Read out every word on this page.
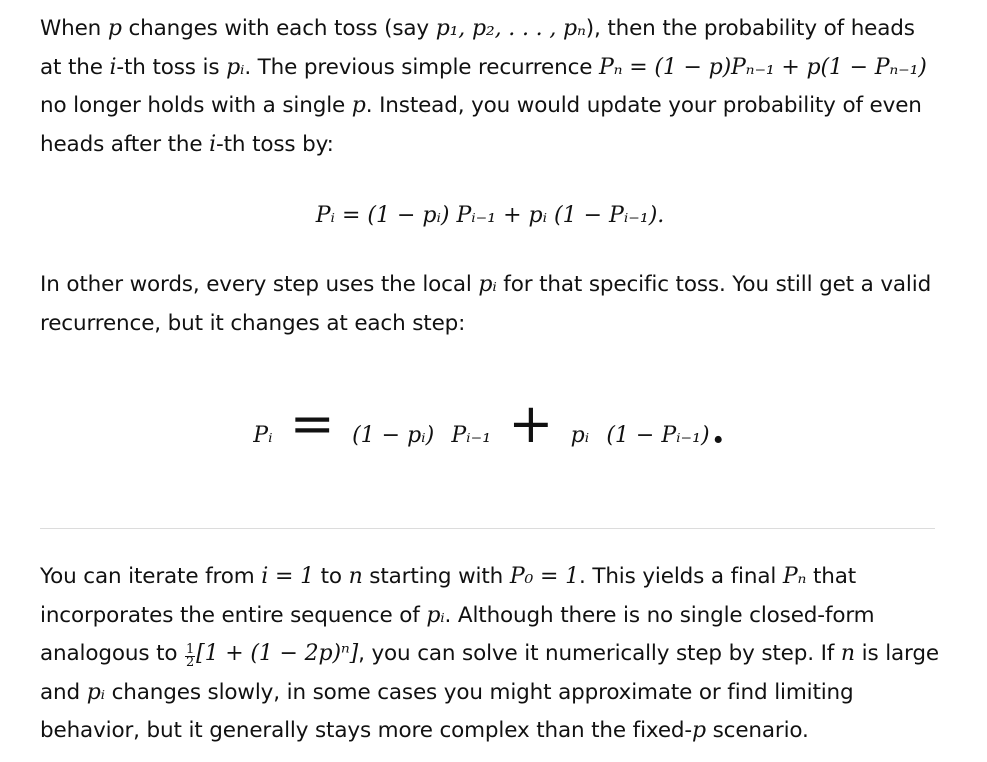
When p changes with each toss (say p₁, p₂, . . . , pₙ), then the probability of heads at the i-th toss is pᵢ. The previous simple recurrence Pₙ = (1 − p)Pₙ₋₁ + p(1 − Pₙ₋₁) no longer holds with a single p. Instead, you would update your probability of even heads after the i-th toss by:

Pᵢ = (1 − pᵢ) Pᵢ₋₁ + pᵢ (1 − Pᵢ₋₁).

In other words, every step uses the local pᵢ for that specific toss. You still get a valid recurrence, but it changes at each step:

Pᵢ = (1 − pᵢ) Pᵢ₋₁ + pᵢ (1 − Pᵢ₋₁).

You can iterate from i = 1 to n starting with P₀ = 1. This yields a final Pₙ that incorporates the entire sequence of pᵢ. Although there is no single closed-form analogous to $\frac{1}{2} [1 + (1 - 2p)^n]$, you can solve it numerically step by step. If n is large and pᵢ changes slowly, in some cases you might approximate or find limiting behavior, but it generally stays more complex than the fixed-p scenario.
